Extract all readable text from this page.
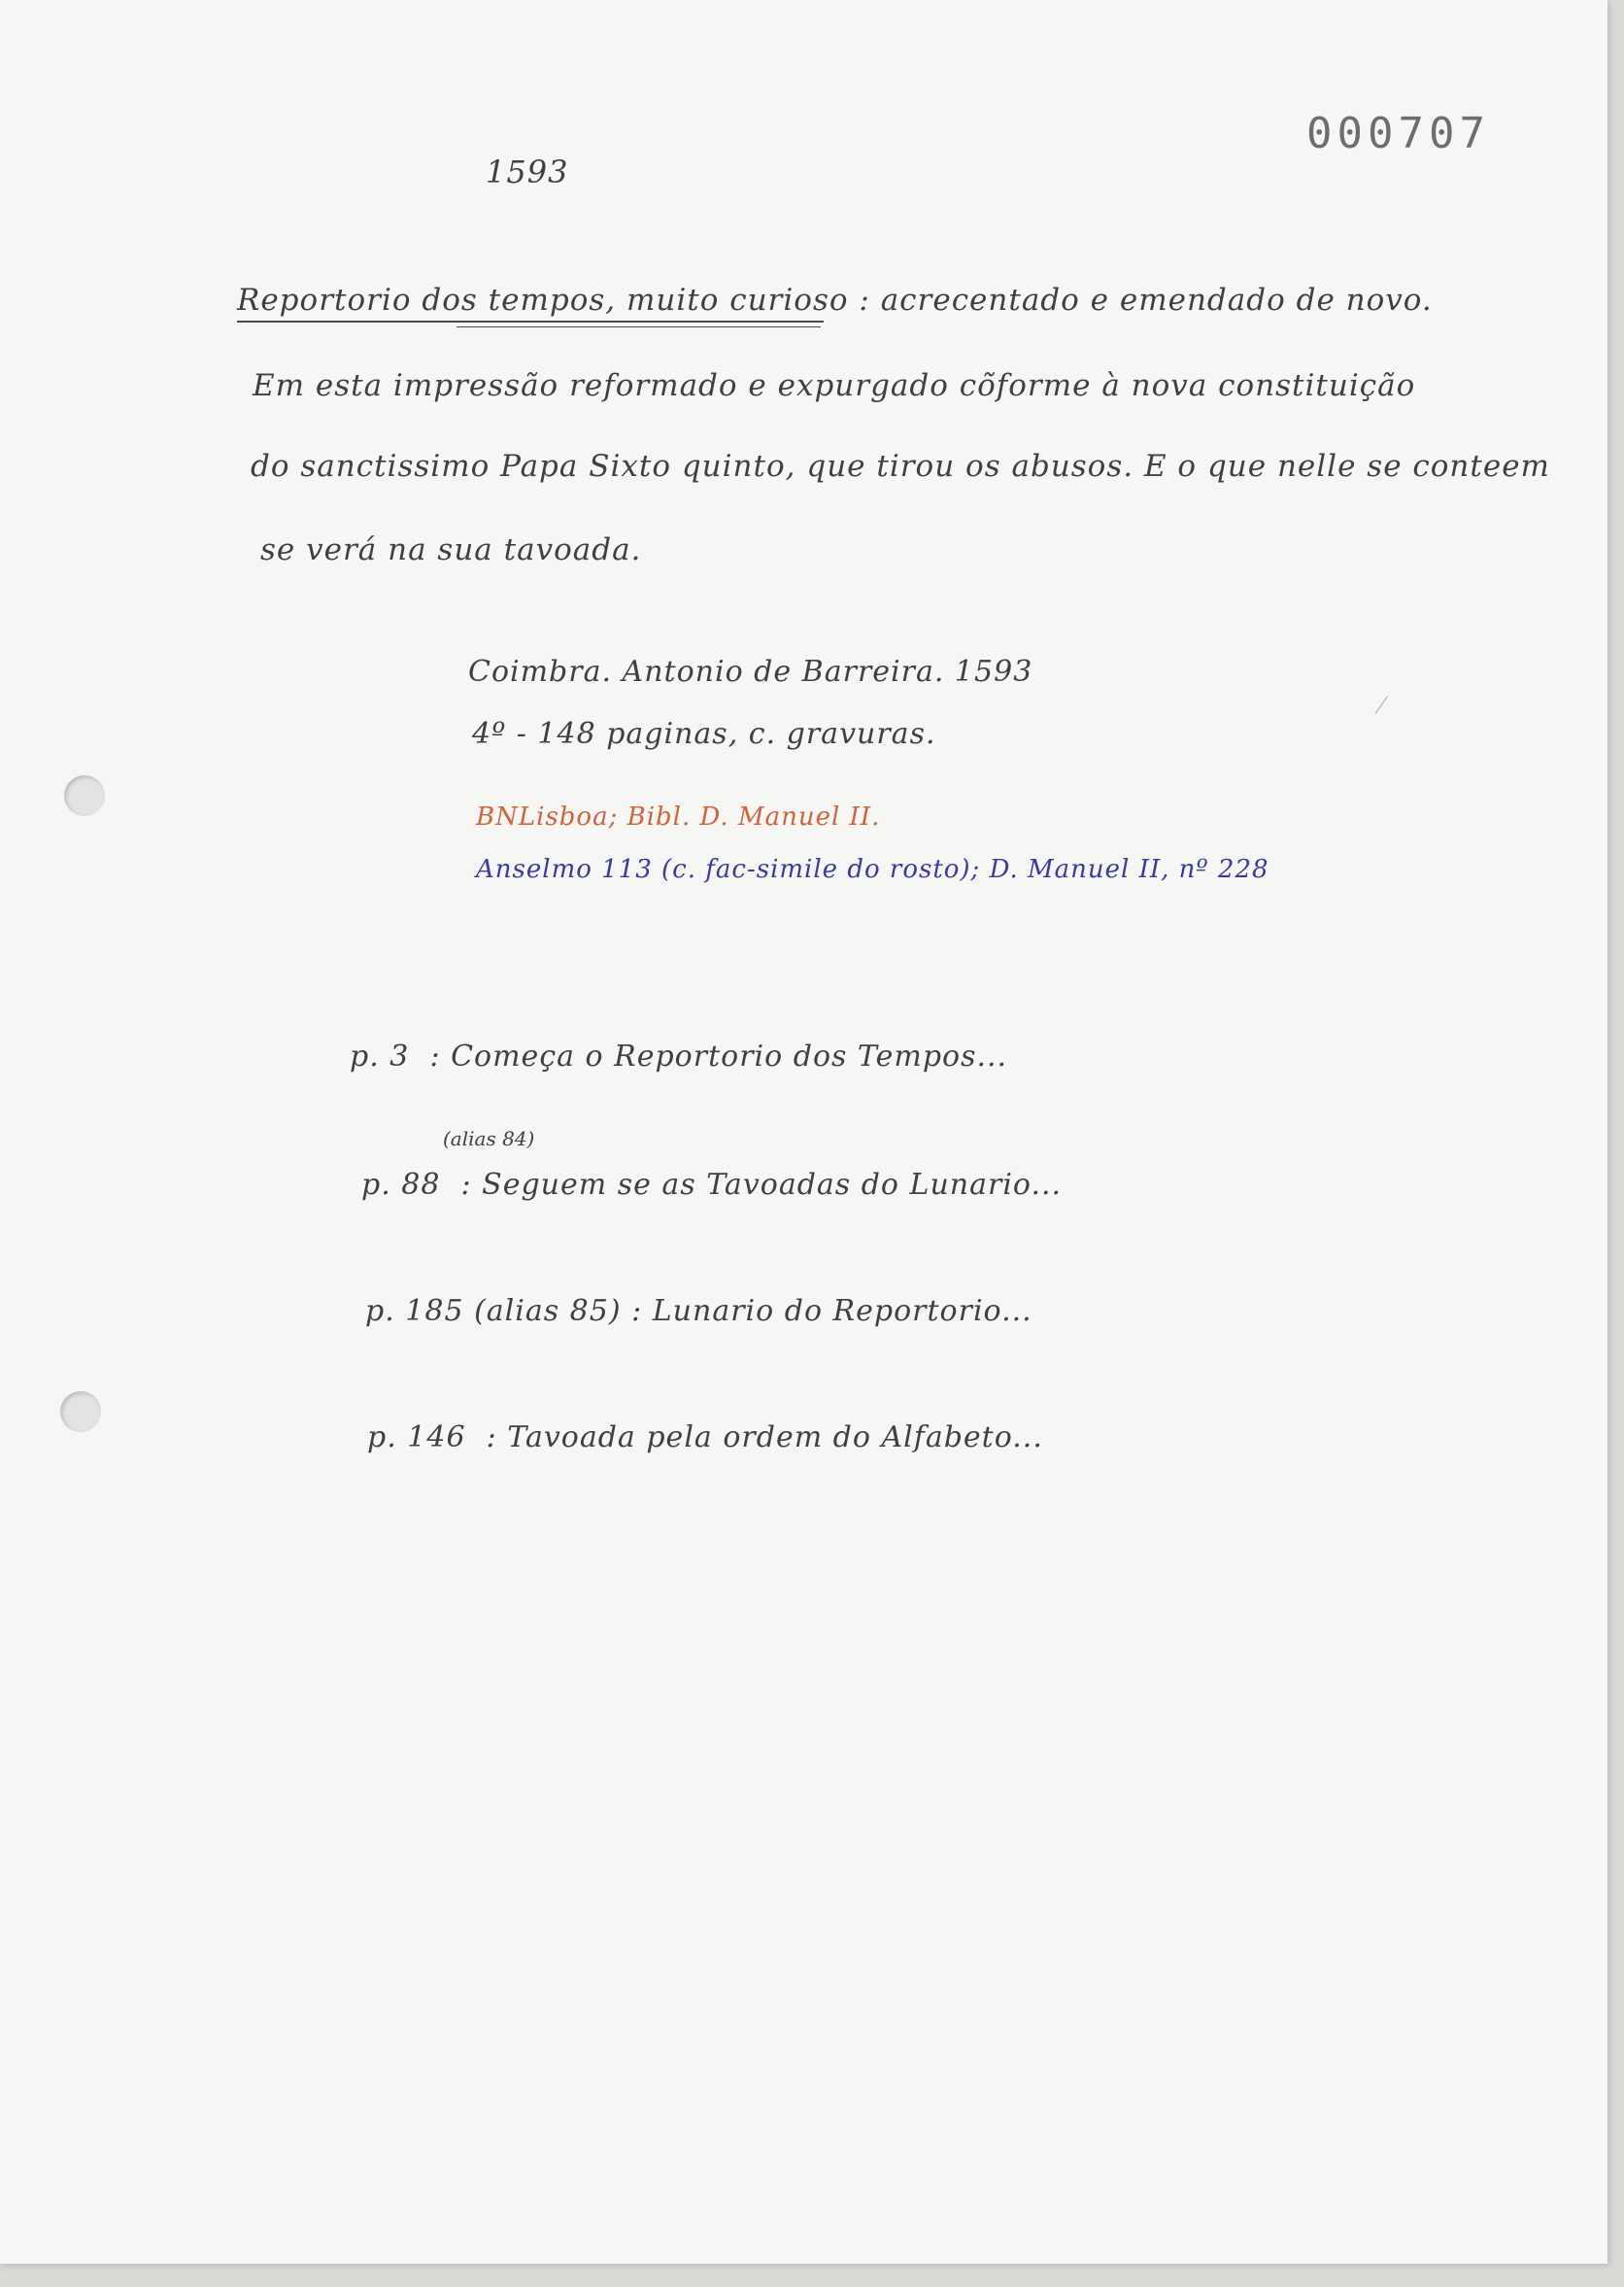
000707
1593
Reportorio dos tempos, muito curioso : acrecentado e emendado de novo.
Em esta impressão reformado e expurgado cõforme à nova constituição
do sanctissimo Papa Sixto quinto, que tirou os abusos. E o que nelle se conteem
se verá na sua tavoada.
Coimbra. Antonio de Barreira. 1593
4º - 148 paginas, c. gravuras.
BNLisboa; Bibl. D. Manuel II.
Anselmo 113 (c. fac-simile do rosto); D. Manuel II, nº 228
p. 3 : Começa o Reportorio dos Tempos...
(alias 84)
p. 88 : Seguem se as Tavoadas do Lunario...
p. 185 (alias 85) : Lunario do Reportorio...
p. 146 : Tavoada pela ordem do Alfabeto...
